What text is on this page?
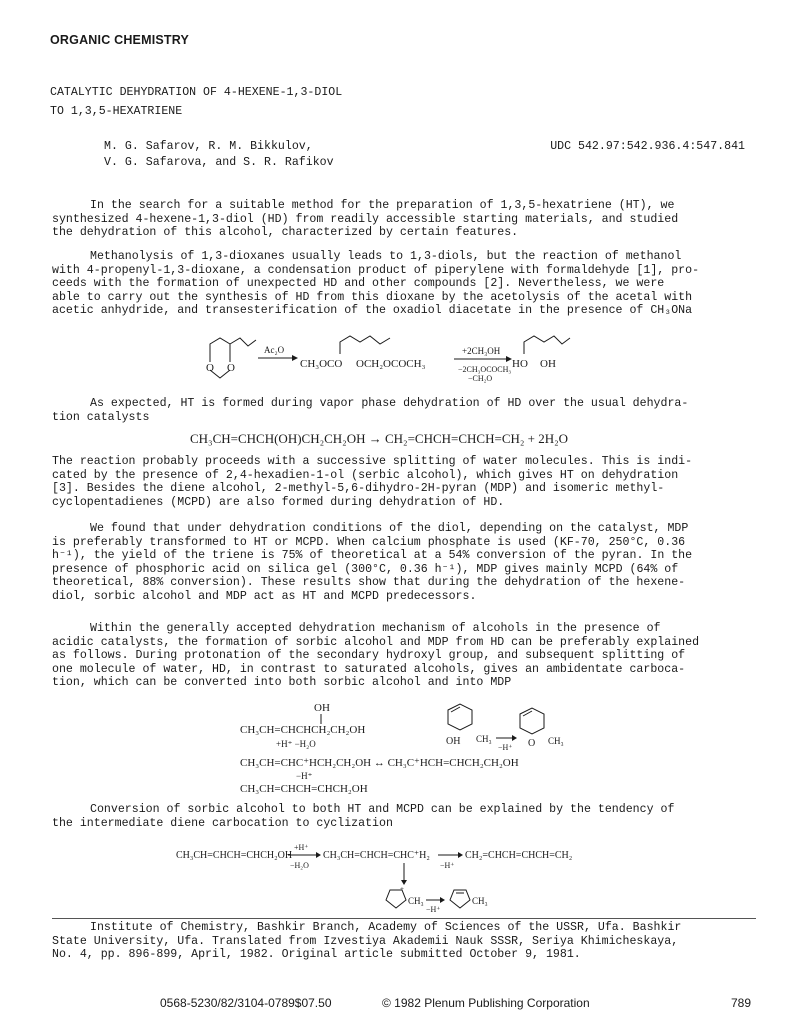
ORGANIC CHEMISTRY
CATALYTIC DEHYDRATION OF 4-HEXENE-1,3-DIOL
TO 1,3,5-HEXATRIENE
M. G. Safarov, R. M. Bikkulov,
V. G. Safarova, and S. R. Rafikov
UDC 542.97:542.936.4:547.841
In the search for a suitable method for the preparation of 1,3,5-hexatriene (HT), we
synthesized 4-hexene-1,3-diol (HD) from readily accessible starting materials, and studied
the dehydration of this alcohol, characterized by certain features.
Methanolysis of 1,3-dioxanes usually leads to 1,3-diols, but the reaction of methanol
with 4-propenyl-1,3-dioxane, a condensation product of piperylene with formaldehyde [1], pro-
ceeds with the formation of unexpected HD and other compounds [2]. Nevertheless, we were
able to carry out the synthesis of HD from this dioxane by the acetolysis of the acetal with
acetic anhydride, and transesterification of the oxadiol diacetate in the presence of CH₃ONa
O O
Ac₂O
CH₃OCO OCH₂OCOCH₃
+2CH₃OH
−2CH₃OCOCH₃
−CH₂O
HO OH
As expected, HT is formed during vapor phase dehydration of HD over the usual dehydra-
tion catalysts
CH₃CH=CHCH(OH)CH₂CH₂OH → CH₂=CHCH=CHCH=CH₂ + 2H₂O
The reaction probably proceeds with a successive splitting of water molecules. This is indi-
cated by the presence of 2,4-hexadien-1-ol (serbic alcohol), which gives HT on dehydration
[3]. Besides the diene alcohol, 2-methyl-5,6-dihydro-2H-pyran (MDP) and isomeric methyl-
cyclopentadienes (MCPD) are also formed during dehydration of HD.
We found that under dehydration conditions of the diol, depending on the catalyst, MDP
is preferably transformed to HT or MCPD. When calcium phosphate is used (KF-70, 250°C, 0.36
h⁻¹), the yield of the triene is 75% of theoretical at a 54% conversion of the pyran. In the
presence of phosphoric acid on silica gel (300°C, 0.36 h⁻¹), MDP gives mainly MCPD (64% of
theoretical, 88% conversion). These results show that during the dehydration of the hexene-
diol, sorbic alcohol and MDP act as HT and MCPD predecessors.
Within the generally accepted dehydration mechanism of alcohols in the presence of
acidic catalysts, the formation of sorbic alcohol and MDP from HD can be preferably explained
as follows. During protonation of the secondary hydroxyl group, and subsequent splitting of
one molecule of water, HD, in contrast to saturated alcohols, gives an ambidentate carboca-
tion, which can be converted into both sorbic alcohol and into MDP
OH
CH₃CH=CHCHCH₂CH₂OH
+H⁺ −H₂O
CH₃CH=CHC⁺HCH₂CH₂OH ↔ CH₃C⁺HCH=CHCH₂CH₂OH
−H⁺
CH₃CH=CHCH=CHCH₂OH
OH CH₃
−H⁺ O CH₃
Conversion of sorbic alcohol to both HT and MCPD can be explained by the tendency of
the intermediate diene carbocation to cyclization
CH₃CH=CHCH=CHCH₂OH
+H⁺
−H₂O
CH₃CH=CHCH=CHC⁺H₂
−H⁺
CH₂=CHCH=CHCH=CH₂
+
CH₃
−H⁺
CH₃
Institute of Chemistry, Bashkir Branch, Academy of Sciences of the USSR, Ufa. Bashkir
State University, Ufa. Translated from Izvestiya Akademii Nauk SSSR, Seriya Khimicheskaya,
No. 4, pp. 896-899, April, 1982. Original article submitted October 9, 1981.
0568-5230/82/3104-0789$07.50	© 1982 Plenum Publishing Corporation	789
